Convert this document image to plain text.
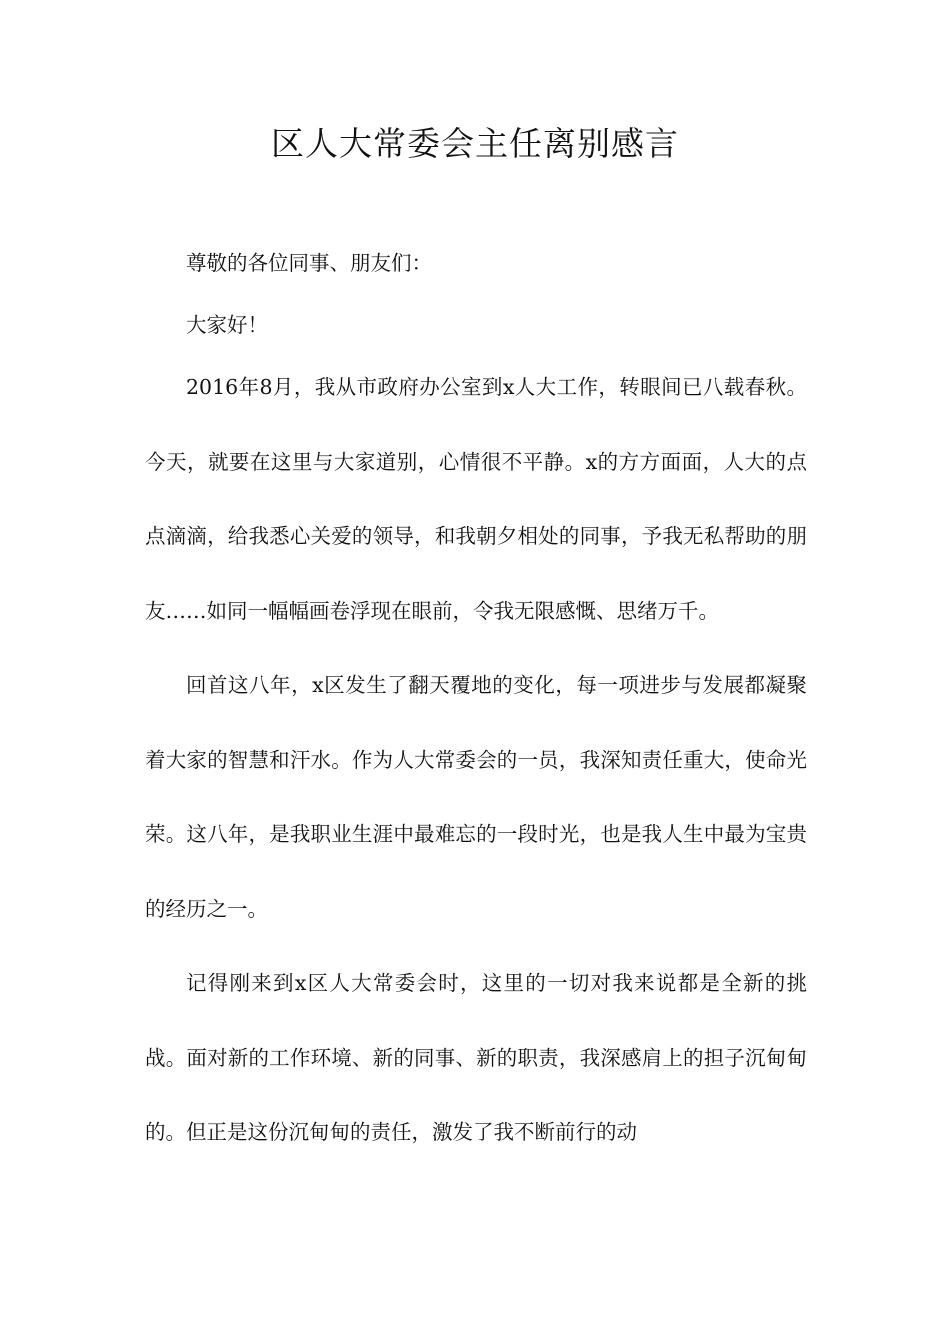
区人大常委会主任离别感言

尊敬的各位同事、朋友们：

大家好！

2016年8月，我从市政府办公室到x人大工作，转眼间已八载春秋。今天，就要在这里与大家道别，心情很不平静。x的方方面面，人大的点点滴滴，给我悉心关爱的领导，和我朝夕相处的同事，予我无私帮助的朋友……如同一幅幅画卷浮现在眼前，令我无限感慨、思绪万千。

回首这八年，x区发生了翻天覆地的变化，每一项进步与发展都凝聚着大家的智慧和汗水。作为人大常委会的一员，我深知责任重大，使命光荣。这八年，是我职业生涯中最难忘的一段时光，也是我人生中最为宝贵的经历之一。

记得刚来到x区人大常委会时，这里的一切对我来说都是全新的挑战。面对新的工作环境、新的同事、新的职责，我深感肩上的担子沉甸甸的。但正是这份沉甸甸的责任，激发了我不断前行的动
